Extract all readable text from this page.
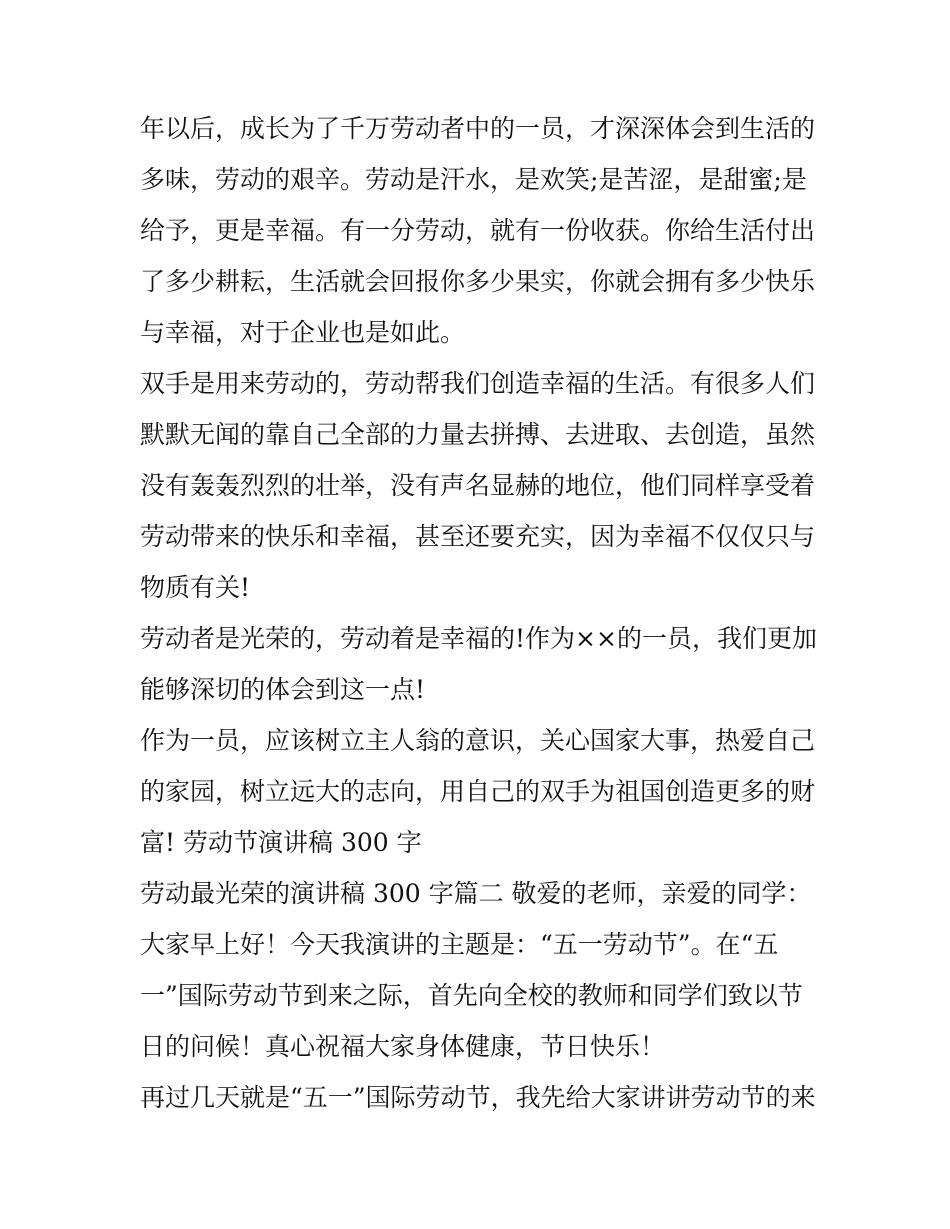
年以后，成长为了千万劳动者中的一员，才深深体会到生活的
多味，劳动的艰辛。劳动是汗水，是欢笑;是苦涩，是甜蜜;是
给予，更是幸福。有一分劳动，就有一份收获。你给生活付出
了多少耕耘，生活就会回报你多少果实，你就会拥有多少快乐
与幸福，对于企业也是如此。
双手是用来劳动的，劳动帮我们创造幸福的生活。有很多人们
默默无闻的靠自己全部的力量去拼搏、去进取、去创造，虽然
没有轰轰烈烈的壮举，没有声名显赫的地位，他们同样享受着
劳动带来的快乐和幸福，甚至还要充实，因为幸福不仅仅只与
物质有关!
劳动者是光荣的，劳动着是幸福的!作为××的一员，我们更加
能够深切的体会到这一点!
作为一员，应该树立主人翁的意识，关心国家大事，热爱自己
的家园，树立远大的志向，用自己的双手为祖国创造更多的财
富! 劳动节演讲稿 300 字
劳动最光荣的演讲稿 300 字篇二 敬爱的老师，亲爱的同学：
大家早上好！今天我演讲的主题是：“五一劳动节”。在“五
一”国际劳动节到来之际，首先向全校的教师和同学们致以节
日的问候！真心祝福大家身体健康，节日快乐！
再过几天就是“五一”国际劳动节，我先给大家讲讲劳动节的来
